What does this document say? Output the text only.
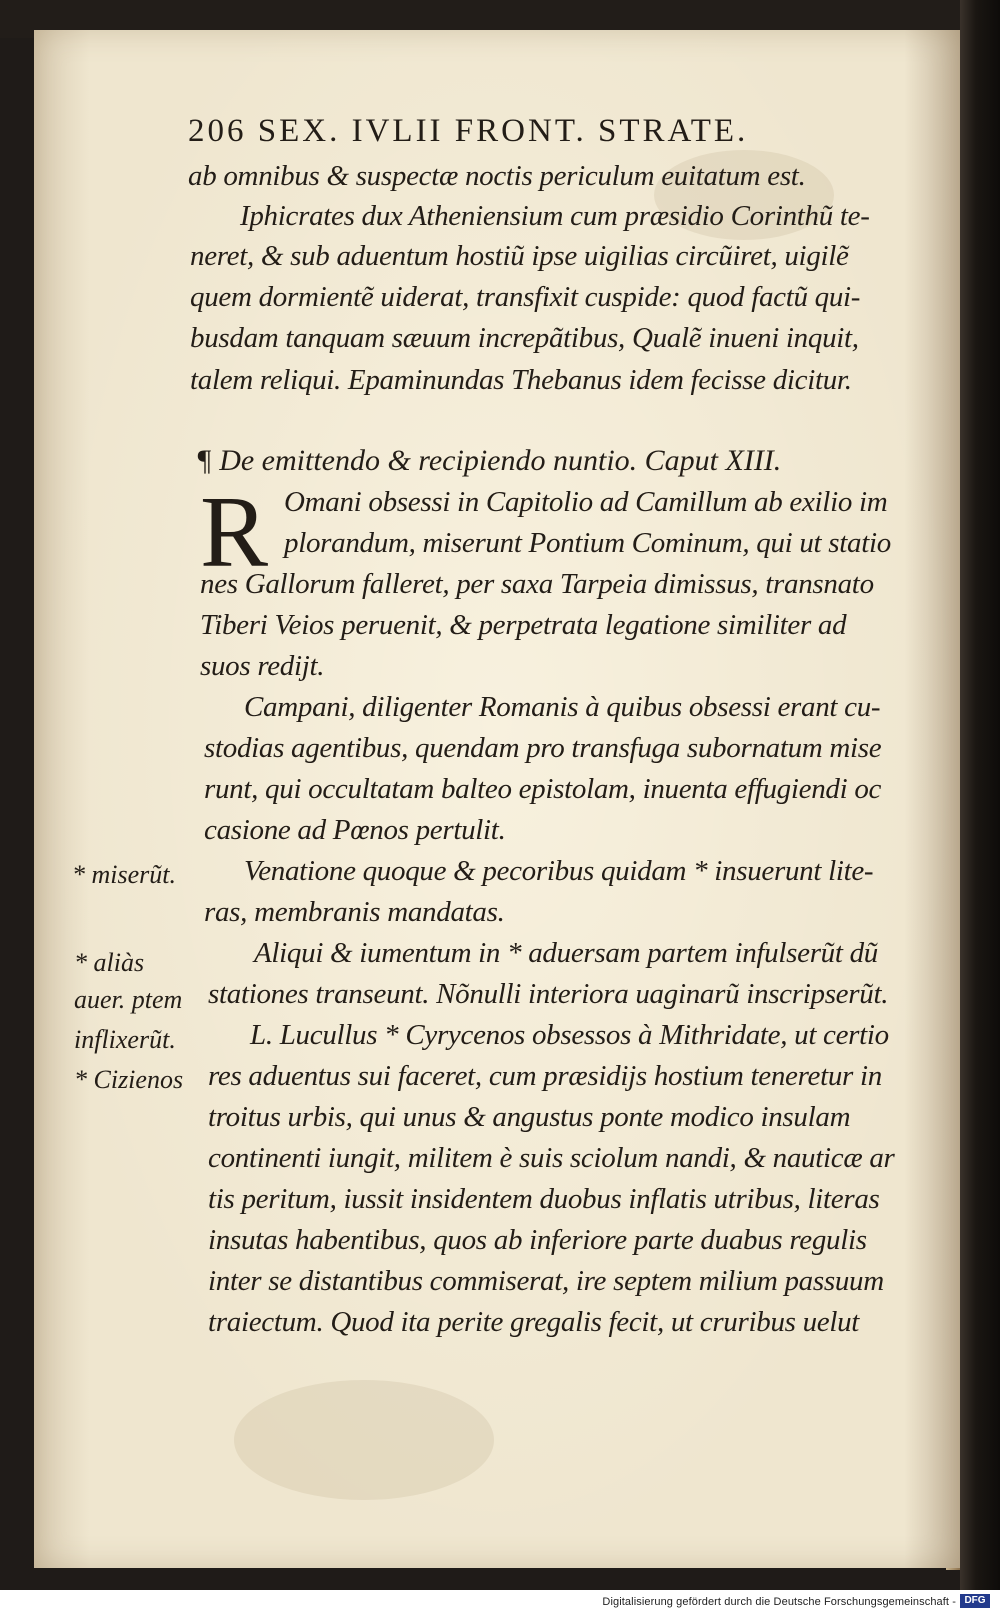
206 SEX. IVLII FRONT. STRATE.
ab omnibus & suspectæ noctis periculum euitatum est.
Iphicrates dux Atheniensium cum præsidio Corinthũ te-
neret, & sub aduentum hostiũ ipse uigilias circũiret, uigilẽ
quem dormientẽ uiderat, transfixit cuspide: quod factũ qui-
busdam tanquam sæuum increpãtibus, Qualẽ inueni inquit,
talem reliqui. Epaminundas Thebanus idem fecisse dicitur.
¶ De emittendo & recipiendo nuntio. Caput XIII.
R Omani obsessi in Capitolio ad Camillum ab exilio im
plorandum, miserunt Pontium Cominum, qui ut statio
nes Gallorum falleret, per saxa Tarpeia dimissus, transnato
Tiberi Veios peruenit, & perpetrata legatione similiter ad
suos redijt.
Campani, diligenter Romanis à quibus obsessi erant cu-
stodias agentibus, quendam pro transfuga subornatum mise
runt, qui occultatam balteo epistolam, inuenta effugiendi oc
casione ad Pœnos pertulit.
Venatione quoque & pecoribus quidam * insuerunt lite-
ras, membranis mandatas.
Aliqui & iumentum in * aduersam partem infulserũt dũ
stationes transeunt. Nõnulli interiora uaginarũ inscripserũt.
L. Lucullus * Cyrycenos obsessos à Mithridate, ut certio
res aduentus sui faceret, cum præsidijs hostium teneretur in
troitus urbis, qui unus & angustus ponte modico insulam
continenti iungit, militem è suis sciolum nandi, & nauticæ ar
tis peritum, iussit insidentem duobus inflatis utribus, literas
insutas habentibus, quos ab inferiore parte duabus regulis
inter se distantibus commiserat, ire septem milium passuum
traiectum. Quod ita perite gregalis fecit, ut cruribus uelut
* miserũt.
* aliàs
auer. ptem
inflixerũt.
* Cizienos
Digitalisierung gefördert durch die Deutsche Forschungsgemeinschaft - DFG
